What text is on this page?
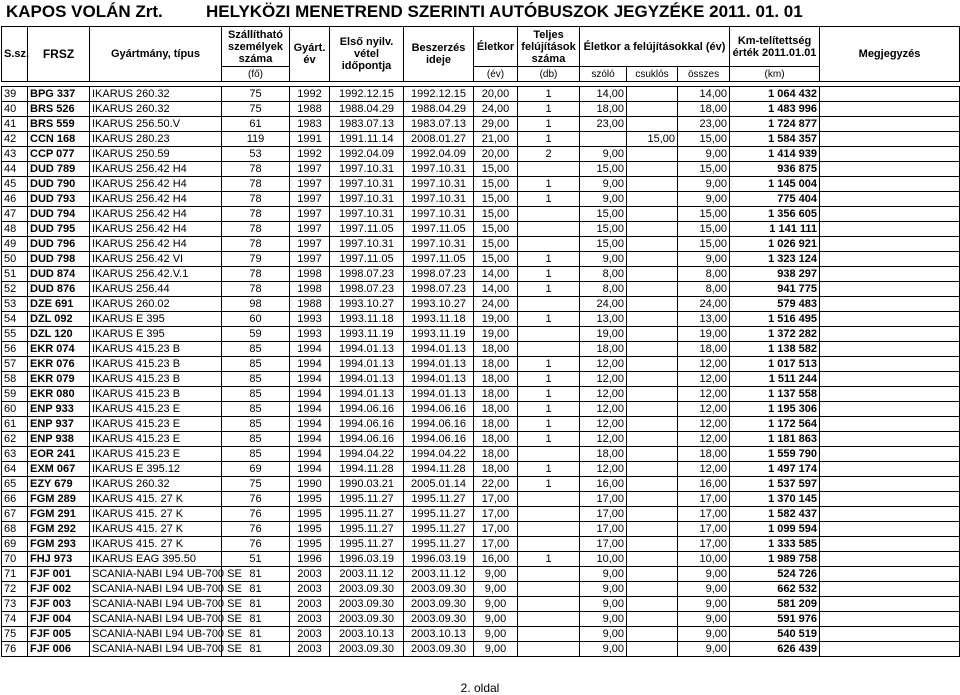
KAPOS VOLÁN Zrt.	HELYKÖZI MENETREND SZERINTI AUTÓBUSZOK JEGYZÉKE 2011. 01. 01
S.sz.	FRSZ	Gyártmány, típus	Szállítható személyek száma	Gyárt. év	Első nyilv. vétel időpontja	Beszerzés ideje	Életkor	Teljes felújítások száma	Életkor a felújításokkal (év)			Km-telítettség érték 2011.01.01	Megjegyzés
			(fő)				(év)	(db)	szóló	csuklós	összes	(km)	

39	BPG 337	IKARUS 260.32	75	1992	1992.12.15	1992.12.15	20,00	1	14,00		14,00	1 064 432	
40	BRS 526	IKARUS 260.32	75	1988	1988.04.29	1988.04.29	24,00	1	18,00		18,00	1 483 996	
41	BRS 559	IKARUS 256.50.V	61	1983	1983.07.13	1983.07.13	29,00	1	23,00		23,00	1 724 877	
42	CCN 168	IKARUS 280.23	119	1991	1991.11.14	2008.01.27	21,00	1		15,00	15,00	1 584 357	
43	CCP 077	IKARUS 250.59	53	1992	1992.04.09	1992.04.09	20,00	2	9,00		9,00	1 414 939	
44	DUD 789	IKARUS 256.42 H4	78	1997	1997.10.31	1997.10.31	15,00		15,00		15,00	936 875	
45	DUD 790	IKARUS 256.42 H4	78	1997	1997.10.31	1997.10.31	15,00	1	9,00		9,00	1 145 004	
46	DUD 793	IKARUS 256.42 H4	78	1997	1997.10.31	1997.10.31	15,00	1	9,00		9,00	775 404	
47	DUD 794	IKARUS 256.42 H4	78	1997	1997.10.31	1997.10.31	15,00		15,00		15,00	1 356 605	
48	DUD 795	IKARUS 256.42 H4	78	1997	1997.11.05	1997.11.05	15,00		15,00		15,00	1 141 111	
49	DUD 796	IKARUS 256.42 H4	78	1997	1997.10.31	1997.10.31	15,00		15,00		15,00	1 026 921	
50	DUD 798	IKARUS 256.42 VI	79	1997	1997.11.05	1997.11.05	15,00	1	9,00		9,00	1 323 124	
51	DUD 874	IKARUS 256.42.V.1	78	1998	1998.07.23	1998.07.23	14,00	1	8,00		8,00	938 297	
52	DUD 876	IKARUS 256.44	78	1998	1998.07.23	1998.07.23	14,00	1	8,00		8,00	941 775	
53	DZE 691	IKARUS 260.02	98	1988	1993.10.27	1993.10.27	24,00		24,00		24,00	579 483	
54	DZL 092	IKARUS E 395	60	1993	1993.11.18	1993.11.18	19,00	1	13,00		13,00	1 516 495	
55	DZL 120	IKARUS E 395	59	1993	1993.11.19	1993.11.19	19,00		19,00		19,00	1 372 282	
56	EKR 074	IKARUS 415.23 B	85	1994	1994.01.13	1994.01.13	18,00		18,00		18,00	1 138 582	
57	EKR 076	IKARUS 415.23 B	85	1994	1994.01.13	1994.01.13	18,00	1	12,00		12,00	1 017 513	
58	EKR 079	IKARUS 415.23 B	85	1994	1994.01.13	1994.01.13	18,00	1	12,00		12,00	1 511 244	
59	EKR 080	IKARUS 415.23 B	85	1994	1994.01.13	1994.01.13	18,00	1	12,00		12,00	1 137 558	
60	ENP 933	IKARUS 415.23 E	85	1994	1994.06.16	1994.06.16	18,00	1	12,00		12,00	1 195 306	
61	ENP 937	IKARUS 415.23 E	85	1994	1994.06.16	1994.06.16	18,00	1	12,00		12,00	1 172 564	
62	ENP 938	IKARUS 415.23 E	85	1994	1994.06.16	1994.06.16	18,00	1	12,00		12,00	1 181 863	
63	EOR 241	IKARUS 415.23 E	85	1994	1994.04.22	1994.04.22	18,00		18,00		18,00	1 559 790	
64	EXM 067	IKARUS E 395.12	69	1994	1994.11.28	1994.11.28	18,00	1	12,00		12,00	1 497 174	
65	EZY 679	IKARUS 260.32	75	1990	1990.03.21	2005.01.14	22,00	1	16,00		16,00	1 537 597	
66	FGM 289	IKARUS 415. 27 K	76	1995	1995.11.27	1995.11.27	17,00		17,00		17,00	1 370 145	
67	FGM 291	IKARUS 415. 27 K	76	1995	1995.11.27	1995.11.27	17,00		17,00		17,00	1 582 437	
68	FGM 292	IKARUS 415. 27 K	76	1995	1995.11.27	1995.11.27	17,00		17,00		17,00	1 099 594	
69	FGM 293	IKARUS 415. 27 K	76	1995	1995.11.27	1995.11.27	17,00		17,00		17,00	1 333 585	
70	FHJ 973	IKARUS EAG 395.50	51	1996	1996.03.19	1996.03.19	16,00	1	10,00		10,00	1 989 758	
71	FJF 001	SCANIA-NABI L94 UB-700 SE	81	2003	2003.11.12	2003.11.12	9,00		9,00		9,00	524 726	
72	FJF 002	SCANIA-NABI L94 UB-700 SE	81	2003	2003.09.30	2003.09.30	9,00		9,00		9,00	662 532	
73	FJF 003	SCANIA-NABI L94 UB-700 SE	81	2003	2003.09.30	2003.09.30	9,00		9,00		9,00	581 209	
74	FJF 004	SCANIA-NABI L94 UB-700 SE	81	2003	2003.09.30	2003.09.30	9,00		9,00		9,00	591 976	
75	FJF 005	SCANIA-NABI L94 UB-700 SE	81	2003	2003.10.13	2003.10.13	9,00		9,00		9,00	540 519	
76	FJF 006	SCANIA-NABI L94 UB-700 SE	81	2003	2003.09.30	2003.09.30	9,00		9,00		9,00	626 439	
2. oldal
